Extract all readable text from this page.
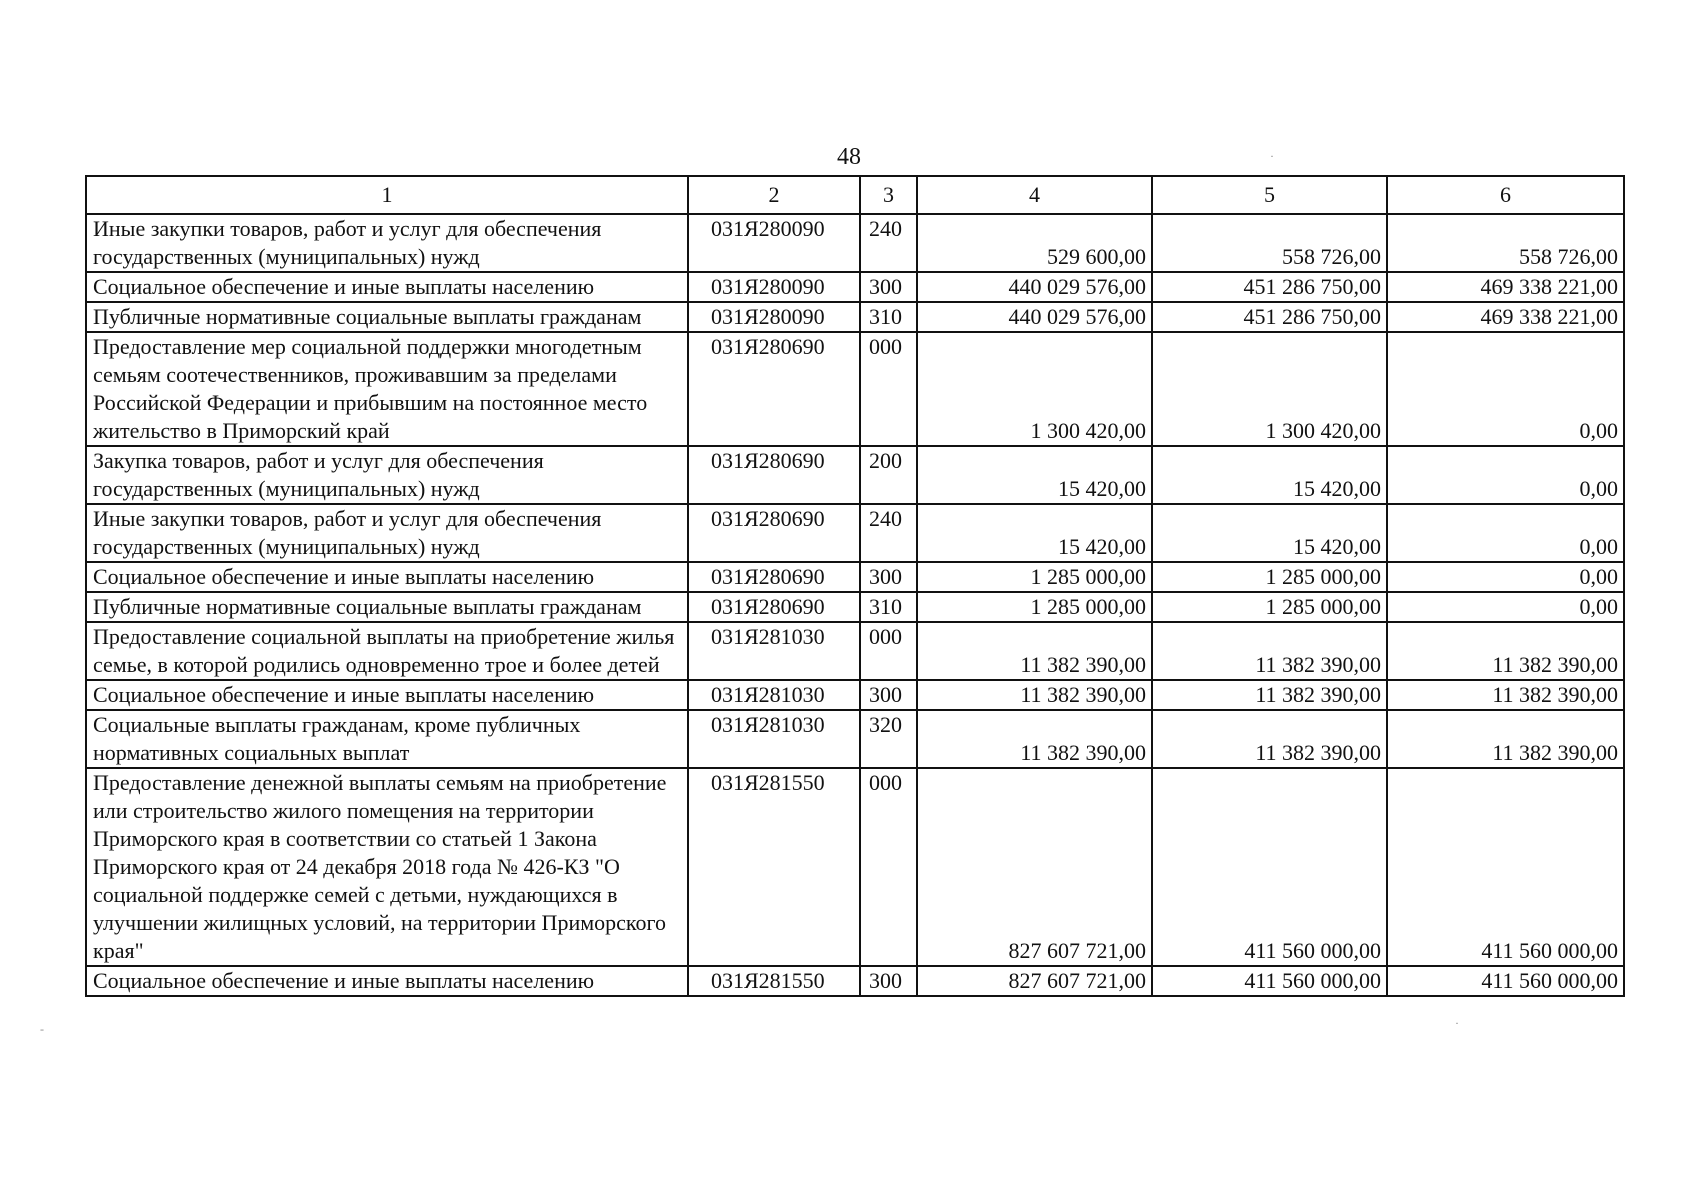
48
1	2	3	4	5	6
Иные закупки товаров, работ и услуг для обеспечения государственных (муниципальных) нужд	031Я280090	240	529 600,00	558 726,00	558 726,00
Социальное обеспечение и иные выплаты населению	031Я280090	300	440 029 576,00	451 286 750,00	469 338 221,00
Публичные нормативные социальные выплаты гражданам	031Я280090	310	440 029 576,00	451 286 750,00	469 338 221,00
Предоставление мер социальной поддержки многодетным семьям соотечественников, проживавшим за пределами Российской Федерации и прибывшим на постоянное место жительство в Приморский край	031Я280690	000	1 300 420,00	1 300 420,00	0,00
Закупка товаров, работ и услуг для обеспечения государственных (муниципальных) нужд	031Я280690	200	15 420,00	15 420,00	0,00
Иные закупки товаров, работ и услуг для обеспечения государственных (муниципальных) нужд	031Я280690	240	15 420,00	15 420,00	0,00
Социальное обеспечение и иные выплаты населению	031Я280690	300	1 285 000,00	1 285 000,00	0,00
Публичные нормативные социальные выплаты гражданам	031Я280690	310	1 285 000,00	1 285 000,00	0,00
Предоставление социальной выплаты на приобретение жилья семье, в которой родились одновременно трое и более детей	031Я281030	000	11 382 390,00	11 382 390,00	11 382 390,00
Социальное обеспечение и иные выплаты населению	031Я281030	300	11 382 390,00	11 382 390,00	11 382 390,00
Социальные выплаты гражданам, кроме публичных нормативных социальных выплат	031Я281030	320	11 382 390,00	11 382 390,00	11 382 390,00
Предоставление денежной выплаты семьям на приобретение или строительство жилого помещения на территории Приморского края в соответствии со статьей 1 Закона Приморского края от 24 декабря 2018 года № 426-КЗ "О социальной поддержке семей с детьми, нуждающихся в улучшении жилищных условий, на территории Приморского края"	031Я281550	000	827 607 721,00	411 560 000,00	411 560 000,00
Социальное обеспечение и иные выплаты населению	031Я281550	300	827 607 721,00	411 560 000,00	411 560 000,00
·
-	·
